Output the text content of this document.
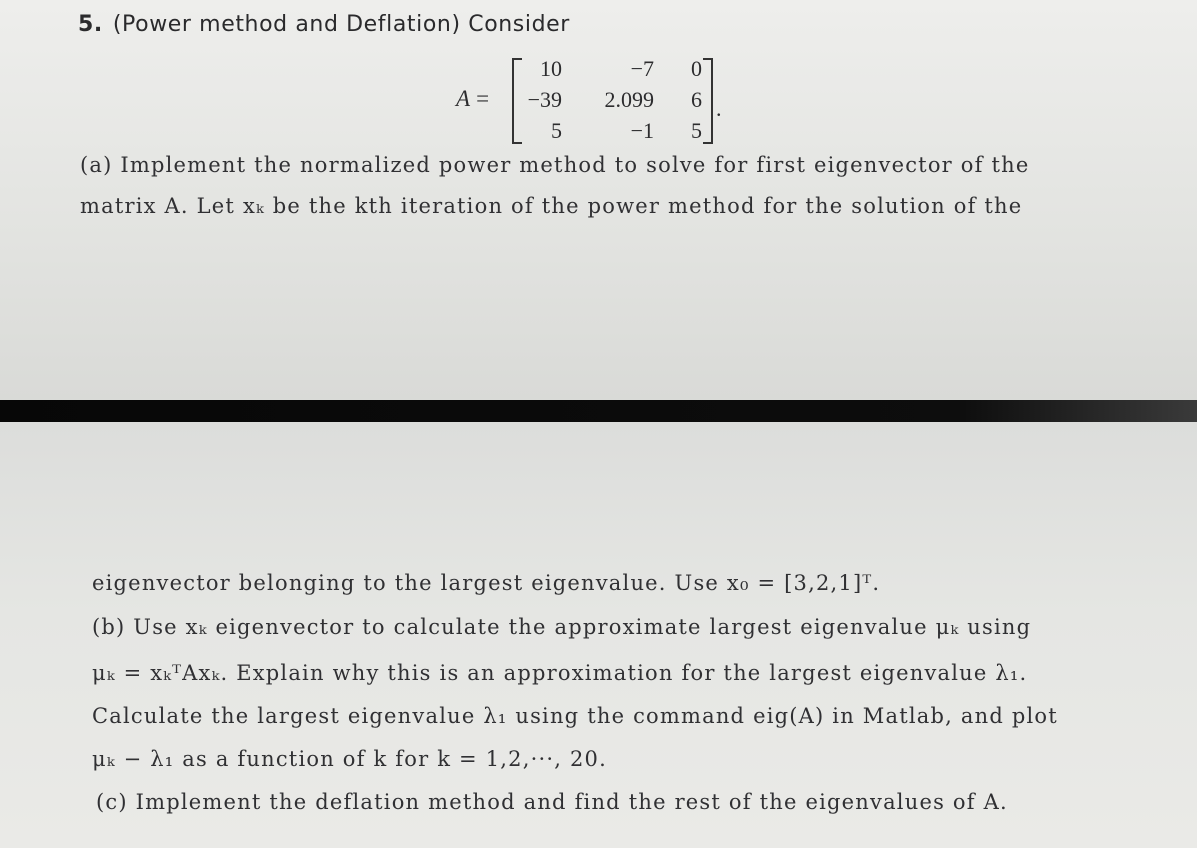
5. (Power method and Deflation) Consider
A =
10	−7	0
−39	2.099	6
5	−1	5
.
(a) Implement the normalized power method to solve for first eigenvector of the
matrix A. Let xₖ be the kth iteration of the power method for the solution of the
eigenvector belonging to the largest eigenvalue. Use x₀ = [3,2,1]ᵀ.
(b) Use xₖ eigenvector to calculate the approximate largest eigenvalue μₖ using
μₖ = xₖᵀAxₖ. Explain why this is an approximation for the largest eigenvalue λ₁.
Calculate the largest eigenvalue λ₁ using the command eig(A) in Matlab, and plot
μₖ − λ₁ as a function of k for k = 1,2,···, 20.
(c) Implement the deflation method and find the rest of the eigenvalues of A.
